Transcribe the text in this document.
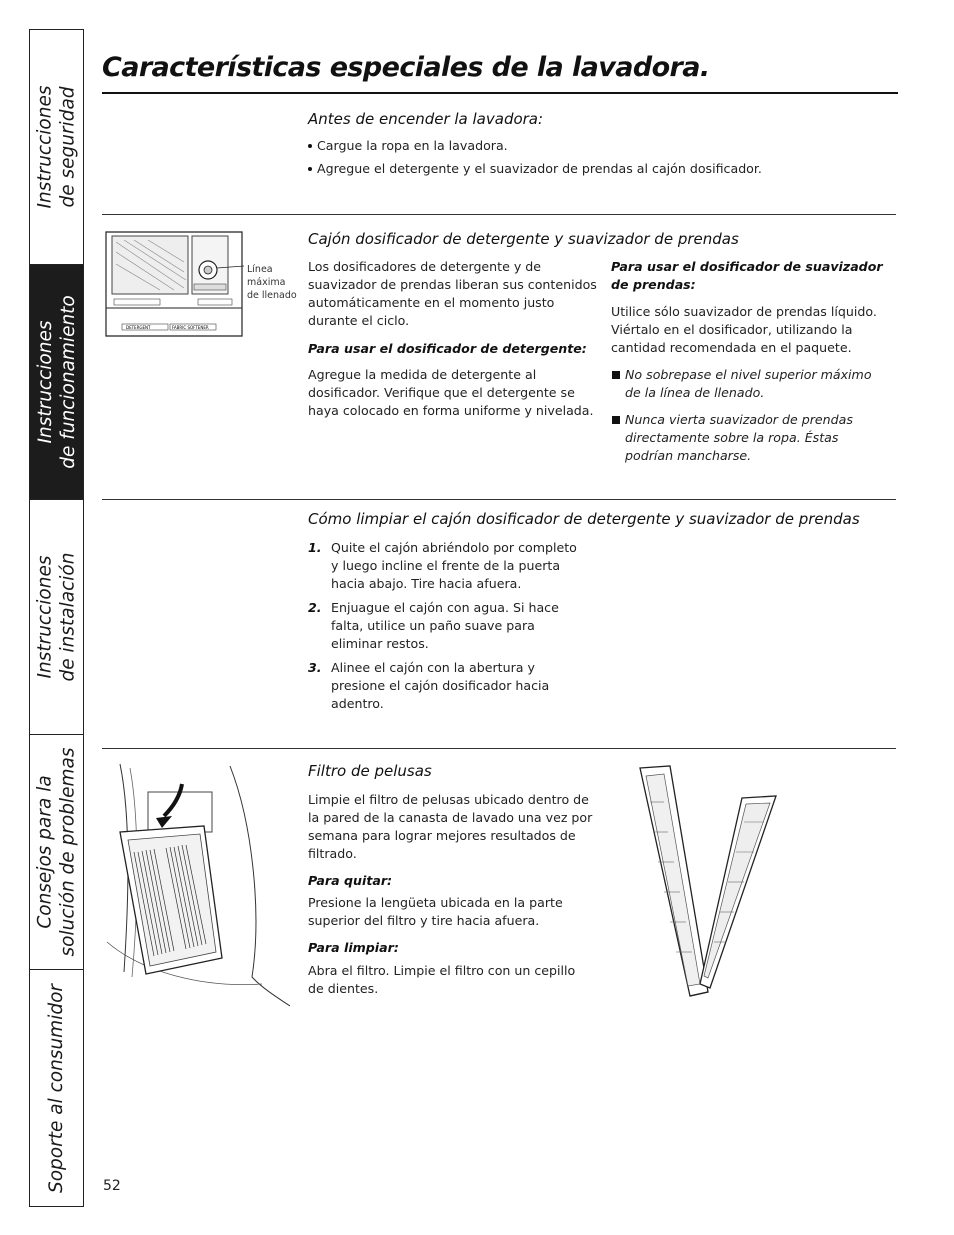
Instrucciones de seguridad
Instrucciones de funcionamiento
Instrucciones de instalación
Consejos para la solución de problemas
Soporte al consumidor
Características especiales de la lavadora.
Antes de encender la lavadora:
Cargue la ropa en la lavadora.
Agregue el detergente y el suavizador de prendas al cajón dosificador.
DETERGENT	FABRIC SOFTENER
Línea
máxima
de llenado
Cajón dosificador de detergente y suavizador de prendas
Los dosificadores de detergente y de
suavizador de prendas liberan sus contenidos
automáticamente en el momento justo
durante el ciclo.
Para usar el dosificador de detergente:
Agregue la medida de detergente al
dosificador. Verifique que el detergente se
haya colocado en forma uniforme y nivelada.
Para usar el dosificador de suavizador
de prendas:
Utilice sólo suavizador de prendas líquido.
Viértalo en el dosificador, utilizando la
cantidad recomendada en el paquete.
No sobrepase el nivel superior máximo
de la línea de llenado.
Nunca vierta suavizador de prendas
directamente sobre la ropa. Éstas
podrían mancharse.
Cómo limpiar el cajón dosificador de detergente y suavizador de prendas
1. Quite el cajón abriéndolo por completo
y luego incline el frente de la puerta
hacia abajo. Tire hacia afuera.
2. Enjuague el cajón con agua. Si hace
falta, utilice un paño suave para
eliminar restos.
3. Alinee el cajón con la abertura y
presione el cajón dosificador hacia
adentro.
Filtro de pelusas
Limpie el filtro de pelusas ubicado dentro de
la pared de la canasta de lavado una vez por
semana para lograr mejores resultados de
filtrado.
Para quitar:
Presione la lengüeta ubicada en la parte
superior del filtro y tire hacia afuera.
Para limpiar:
Abra el filtro. Limpie el filtro con un cepillo
de dientes.
52
